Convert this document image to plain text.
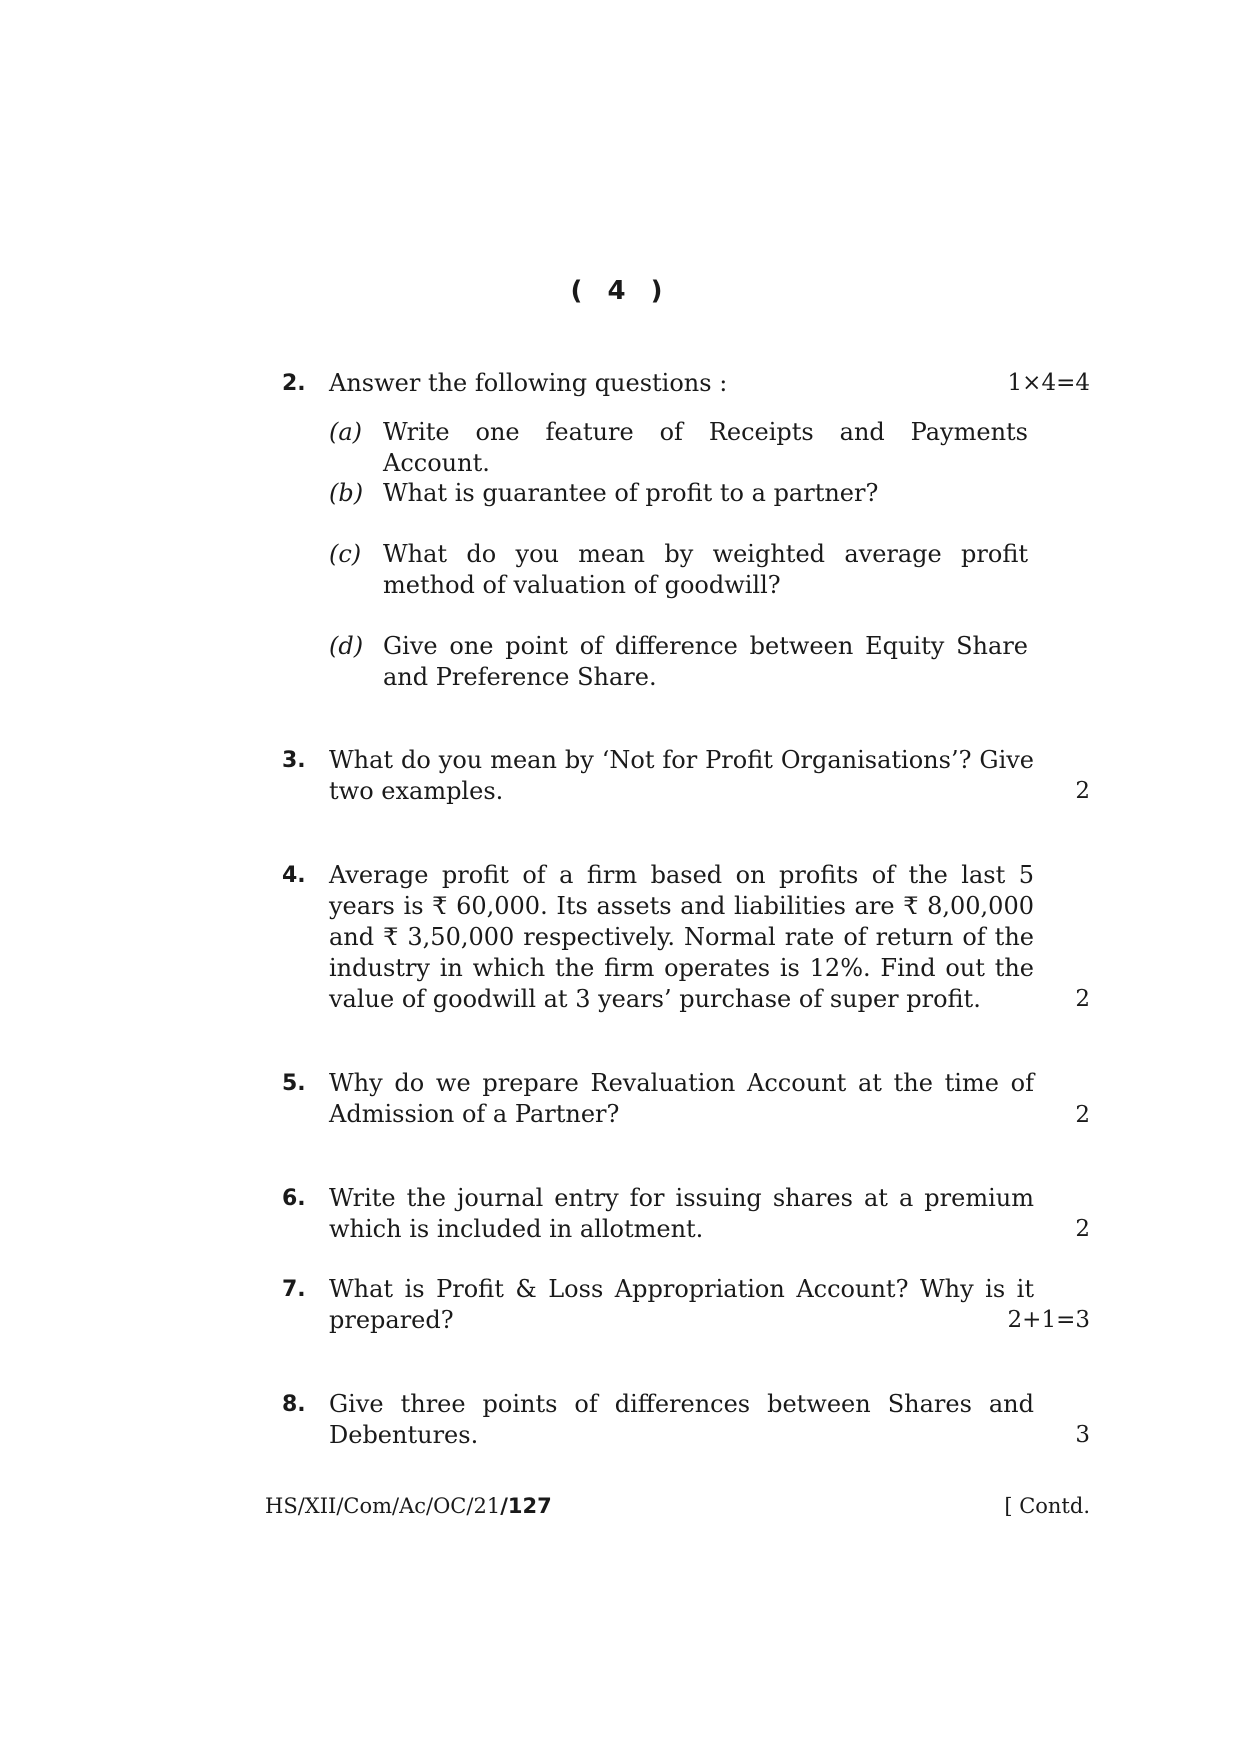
( 4 )
2. Answer the following questions :	1×4=4
(a) Write one feature of Receipts and Payments Account.
(b) What is guarantee of profit to a partner?
(c) What do you mean by weighted average profit method of valuation of goodwill?
(d) Give one point of difference between Equity Share and Preference Share.
3. What do you mean by ‘Not for Profit Organisations’? Give two examples.	2
4. Average profit of a firm based on profits of the last 5 years is ₹ 60,000. Its assets and liabilities are ₹ 8,00,000 and ₹ 3,50,000 respectively. Normal rate of return of the industry in which the firm operates is 12%. Find out the value of goodwill at 3 years’ purchase of super profit.	2
5. Why do we prepare Revaluation Account at the time of Admission of a Partner?	2
6. Write the journal entry for issuing shares at a premium which is included in allotment.	2
7. What is Profit & Loss Appropriation Account? Why is it prepared?	2+1=3
8. Give three points of differences between Shares and Debentures.	3
HS/XII/Com/Ac/OC/21/127	[ Contd.
